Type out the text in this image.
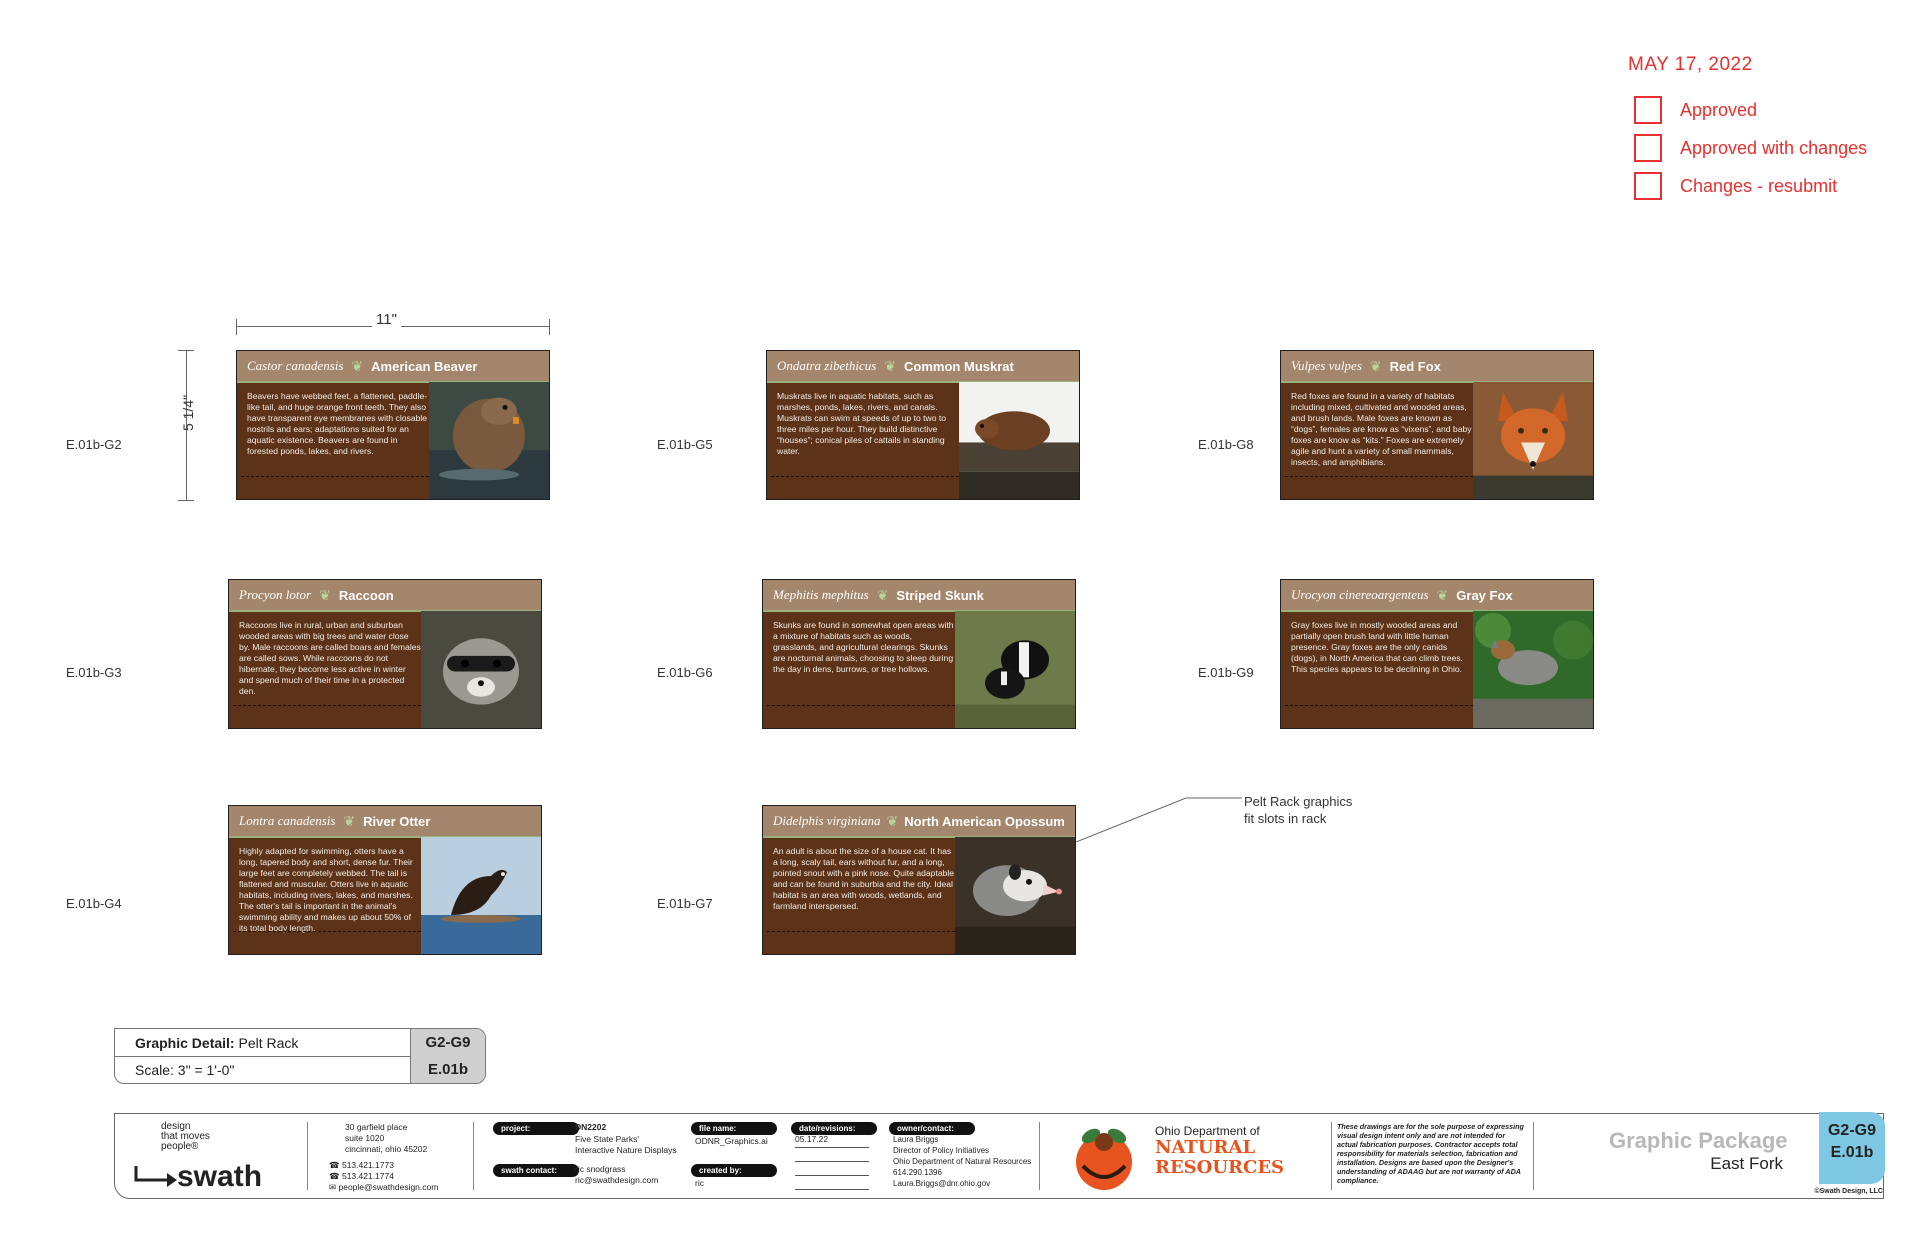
MAY 17, 2022
Approved
Approved with changes
Changes - resubmit
11"
5 1/4"
E.01b-G2	E.01b-G5	E.01b-G8
E.01b-G3	E.01b-G6	E.01b-G9
E.01b-G4	E.01b-G7
Castor canadensis ❦ American Beaver
Beavers have webbed feet, a flattened, paddle-like tail, and huge orange front teeth. They also have transparent eye membranes with closable nostrils and ears; adaptations suited for an aquatic existence. Beavers are found in forested ponds, lakes, and rivers.
Ondatra zibethicus ❦ Common Muskrat
Muskrats live in aquatic habitats, such as marshes, ponds, lakes, rivers, and canals. Muskrats can swim at speeds of up to two to three miles per hour. They build distinctive “houses”; conical piles of cattails in standing water.
Vulpes vulpes ❦ Red Fox
Red foxes are found in a variety of habitats including mixed, cultivated and wooded areas, and brush lands. Male foxes are known as “dogs”, females are know as “vixens”, and baby foxes are know as “kits.” Foxes are extremely agile and hunt a variety of small mammals, insects, and amphibians.
Procyon lotor ❦ Raccoon
Raccoons live in rural, urban and suburban wooded areas with big trees and water close by. Male raccoons are called boars and females are called sows. While raccoons do not hibernate, they become less active in winter and spend much of their time in a protected den.
Mephitis mephitus ❦ Striped Skunk
Skunks are found in somewhat open areas with a mixture of habitats such as woods, grasslands, and agricultural clearings. Skunks are nocturnal animals, choosing to sleep during the day in dens, burrows, or tree hollows.
Urocyon cinereoargenteus ❦ Gray Fox
Gray foxes live in mostly wooded areas and partially open brush land with little human presence. Gray foxes are the only canids (dogs), in North America that can climb trees. This species appears to be declining in Ohio.
Lontra canadensis ❦ River Otter
Highly adapted for swimming, otters have a long, tapered body and short, dense fur. Their large feet are completely webbed. The tail is flattened and muscular. Otters live in aquatic habitats, including rivers, lakes, and marshes. The otter's tail is important in the animal's swimming ability and makes up about 50% of its total body length.
Didelphis virginiana ❦ North American Opossum
An adult is about the size of a house cat. It has a long, scaly tail, ears without fur, and a long, pointed snout with a pink nose. Quite adaptable and can be found in suburbia and the city. Ideal habitat is an area with woods, wetlands, and farmland interspersed.
Pelt Rack graphics
fit slots in rack
Graphic Detail:
Pelt Rack	G2-G9
Scale: 3" = 1'-0"	E.01b
design
that moves
people®
swath
30 garfield place
suite 1020
cincinnati, ohio 45202
☎ 513.421.1773
☎ 513.421.1774
✉ people@swathdesign.com
project:	DN2202
Five State Parks'
Interactive Nature Displays
swath contact:	ric snodgrass
ric@swathdesign.com
file name:
ODNR_Graphics.ai
created by:
ric
date/revisions:
05.17.22
owner/contact:
Laura Briggs
Director of Policy Initiatives
Ohio Department of Natural Resources
614.290.1396
Laura.Briggs@dnr.ohio.gov
Ohio Department of
NATURAL
RESOURCES
These drawings are for the sole purpose of expressing visual design intent only and are not intended for actual fabrication purposes. Contractor accepts total responsibility for materials selection, fabrication and installation. Designs are based upon the Designer's understanding of ADAAG but are not warranty of ADA compliance.
Graphic Package
East Fork
G2-G9
E.01b
©Swath Design, LLC
